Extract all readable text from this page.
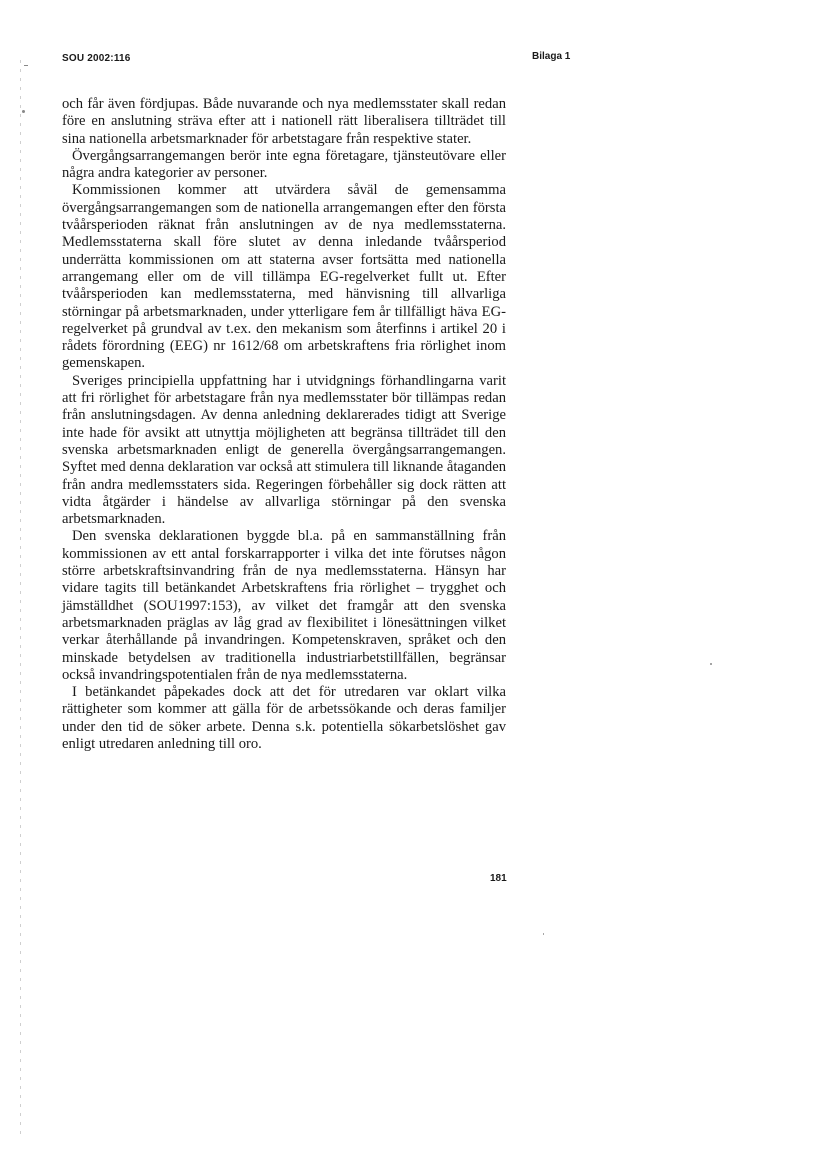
SOU 2002:116	Bilaga 1

och får även fördjupas. Både nuvarande och nya medlemsstater skall redan före en anslutning sträva efter att i nationell rätt liberalisera tillträdet till sina nationella arbetsmarknader för arbetstagare från respektive stater.

Övergångsarrangemangen berör inte egna företagare, tjänsteutövare eller några andra kategorier av personer.

Kommissionen kommer att utvärdera såväl de gemensamma övergångsarrangemangen som de nationella arrangemangen efter den första tvåårsperioden räknat från anslutningen av de nya medlemsstaterna. Medlemsstaterna skall före slutet av denna inledande tvåårsperiod underrätta kommissionen om att staterna avser fortsätta med nationella arrangemang eller om de vill tillämpa EG-regelverket fullt ut. Efter tvåårsperioden kan medlemsstaterna, med hänvisning till allvarliga störningar på arbetsmarknaden, under ytterligare fem år tillfälligt häva EG-regelverket på grundval av t.ex. den mekanism som återfinns i artikel 20 i rådets förordning (EEG) nr 1612/68 om arbetskraftens fria rörlighet inom gemenskapen.

Sveriges principiella uppfattning har i utvidgnings förhandlingarna varit att fri rörlighet för arbetstagare från nya medlemsstater bör tillämpas redan från anslutningsdagen. Av denna anledning deklarerades tidigt att Sverige inte hade för avsikt att utnyttja möjligheten att begränsa tillträdet till den svenska arbetsmarknaden enligt de generella övergångsarrangemangen. Syftet med denna deklaration var också att stimulera till liknande åtaganden från andra medlemsstaters sida. Regeringen förbehåller sig dock rätten att vidta åtgärder i händelse av allvarliga störningar på den svenska arbetsmarknaden.

Den svenska deklarationen byggde bl.a. på en sammanställning från kommissionen av ett antal forskarrapporter i vilka det inte förutses någon större arbetskraftsinvandring från de nya medlemsstaterna. Hänsyn har vidare tagits till betänkandet Arbetskraftens fria rörlighet – trygghet och jämställdhet (SOU1997:153), av vilket det framgår att den svenska arbetsmarknaden präglas av låg grad av flexibilitet i lönesättningen vilket verkar återhållande på invandringen. Kompetenskraven, språket och den minskade betydelsen av traditionella industriarbetstillfällen, begränsar också invandringspotentialen från de nya medlemsstaterna.

I betänkandet påpekades dock att det för utredaren var oklart vilka rättigheter som kommer att gälla för de arbetssökande och deras familjer under den tid de söker arbete. Denna s.k. potentiella sökarbetslöshet gav enligt utredaren anledning till oro.

181
